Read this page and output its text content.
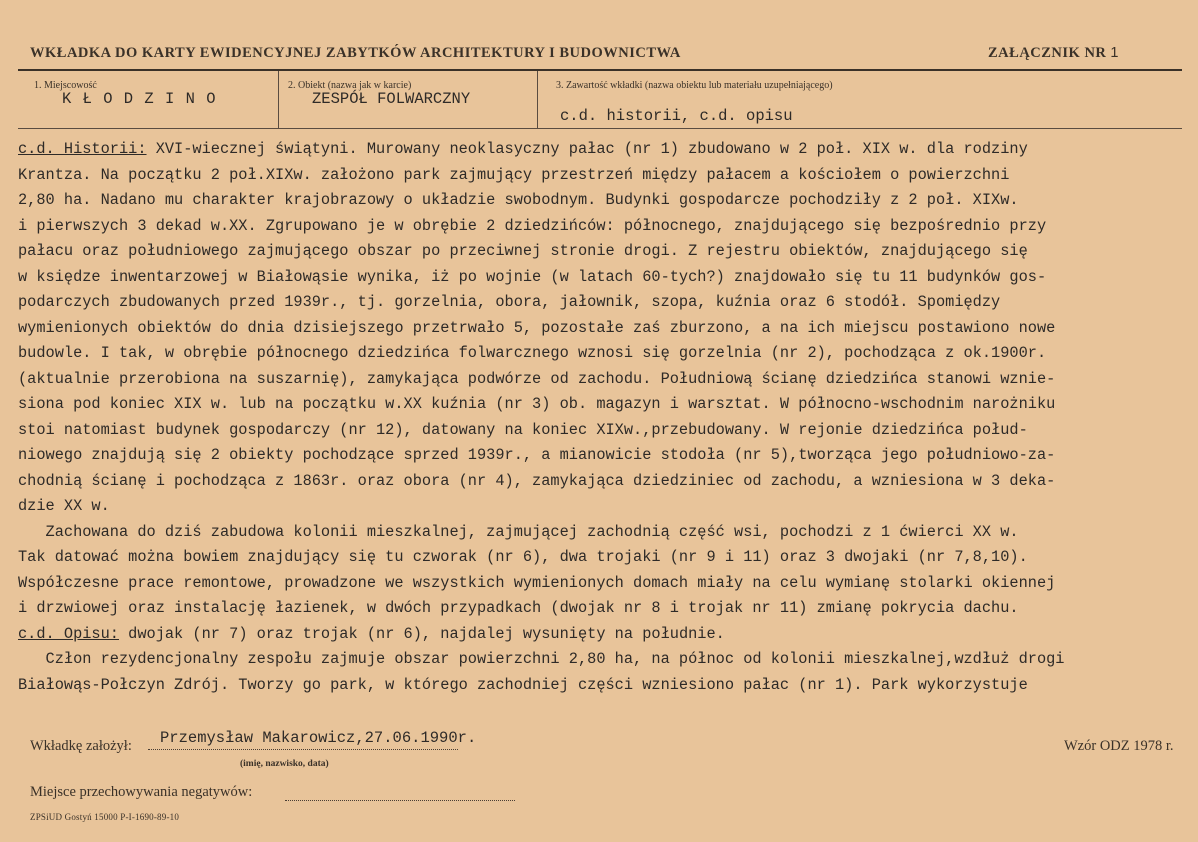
WKŁADKA DO KARTY EWIDENCYJNEJ ZABYTKÓW ARCHITEKTURY I BUDOWNICTWA	ZAŁĄCZNIK NR 1
1. Miejscowość
K Ł O D Z I N O
2. Obiekt (nazwa jak w karcie)
ZESPÓŁ FOLWARCZNY
3. Zawartość wkładki (nazwa obiektu lub materiału uzupełniającego)
c.d. historii, c.d. opisu
c.d. Historii: XVI-wiecznej świątyni. Murowany neoklasyczny pałac (nr 1) zbudowano w 2 poł. XIX w. dla rodziny
Krantza. Na początku 2 poł.XIXw. założono park zajmujący przestrzeń między pałacem a kościołem o powierzchni
2,80 ha. Nadano mu charakter krajobrazowy o układzie swobodnym. Budynki gospodarcze pochodziły z 2 poł. XIXw.
i pierwszych 3 dekad w.XX. Zgrupowano je w obrębie 2 dziedzińców: północnego, znajdującego się bezpośrednio przy
pałacu oraz południowego zajmującego obszar po przeciwnej stronie drogi. Z rejestru obiektów, znajdującego się
w księdze inwentarzowej w Białowąsie wynika, iż po wojnie (w latach 60-tych?) znajdowało się tu 11 budynków gos-
podarczych zbudowanych przed 1939r., tj. gorzelnia, obora, jałownik, szopa, kuźnia oraz 6 stodół. Spomiędzy
wymienionych obiektów do dnia dzisiejszego przetrwało 5, pozostałe zaś zburzono, a na ich miejscu postawiono nowe
budowle. I tak, w obrębie północnego dziedzińca folwarcznego wznosi się gorzelnia (nr 2), pochodząca z ok.1900r.
(aktualnie przerobiona na suszarnię), zamykająca podwórze od zachodu. Południową ścianę dziedzińca stanowi wznie-
siona pod koniec XIX w. lub na początku w.XX kuźnia (nr 3) ob. magazyn i warsztat. W północno-wschodnim narożniku
stoi natomiast budynek gospodarczy (nr 12), datowany na koniec XIXw.,przebudowany. W rejonie dziedzińca połud-
niowego znajdują się 2 obiekty pochodzące sprzed 1939r., a mianowicie stodoła (nr 5),tworząca jego południowo-za-
chodnią ścianę i pochodząca z 1863r. oraz obora (nr 4), zamykająca dziedziniec od zachodu, a wzniesiona w 3 deka-
dzie XX w.
Zachowana do dziś zabudowa kolonii mieszkalnej, zajmującej zachodnią część wsi, pochodzi z 1 ćwierci XX w.
Tak datować można bowiem znajdujący się tu czworak (nr 6), dwa trojaki (nr 9 i 11) oraz 3 dwojaki (nr 7,8,10).
Współczesne prace remontowe, prowadzone we wszystkich wymienionych domach miały na celu wymianę stolarki okiennej
i drzwiowej oraz instalację łazienek, w dwóch przypadkach (dwojak nr 8 i trojak nr 11) zmianę pokrycia dachu.
c.d. Opisu: dwojak (nr 7) oraz trojak (nr 6), najdalej wysunięty na południe.
Człon rezydencjonalny zespołu zajmuje obszar powierzchni 2,80 ha, na północ od kolonii mieszkalnej,wzdłuż drogi
Białowąs-Połczyn Zdrój. Tworzy go park, w którego zachodniej części wzniesiono pałac (nr 1). Park wykorzystuje
Wkładkę założył: Przemysław Makarowicz,27.06.1990r.
(imię, nazwisko, data)
Wzór ODZ 1978 r.
Miejsce przechowywania negatywów:
ZPSiUD Gostyń 15000 P-I-1690-89-10
